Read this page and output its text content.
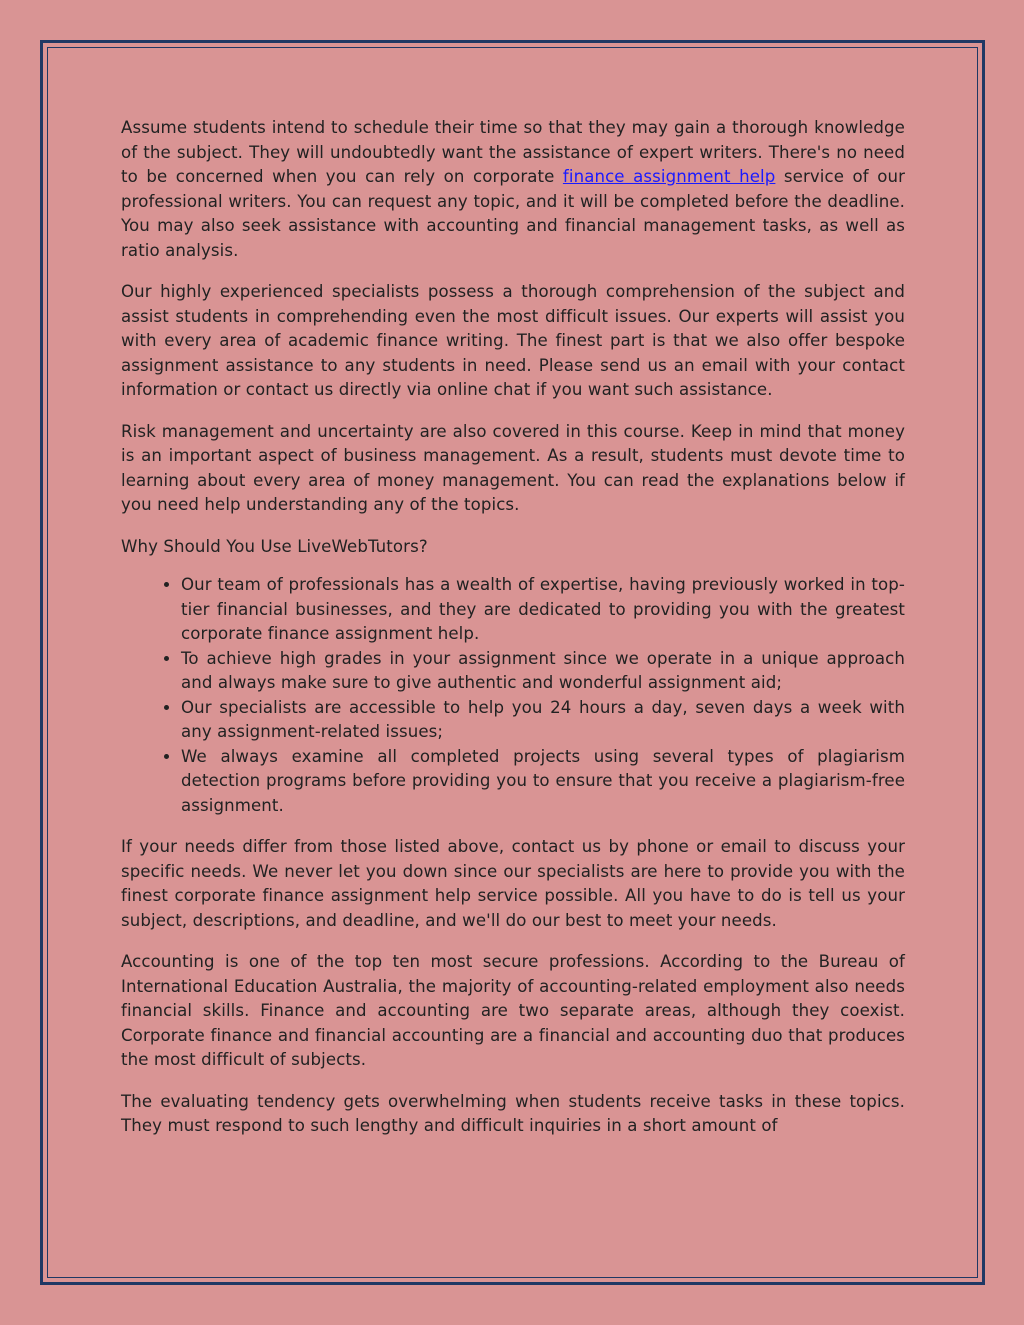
Assume students intend to schedule their time so that they may gain a thorough knowledge of the subject. They will undoubtedly want the assistance of expert writers. There's no need to be concerned when you can rely on corporate finance assignment help service of our professional writers. You can request any topic, and it will be completed before the deadline. You may also seek assistance with accounting and financial management tasks, as well as ratio analysis.

Our highly experienced specialists possess a thorough comprehension of the subject and assist students in comprehending even the most difficult issues. Our experts will assist you with every area of academic finance writing. The finest part is that we also offer bespoke assignment assistance to any students in need. Please send us an email with your contact information or contact us directly via online chat if you want such assistance.

Risk management and uncertainty are also covered in this course. Keep in mind that money is an important aspect of business management. As a result, students must devote time to learning about every area of money management. You can read the explanations below if you need help understanding any of the topics.

Why Should You Use LiveWebTutors?

• Our team of professionals has a wealth of expertise, having previously worked in top-tier financial businesses, and they are dedicated to providing you with the greatest corporate finance assignment help.
• To achieve high grades in your assignment since we operate in a unique approach and always make sure to give authentic and wonderful assignment aid;
• Our specialists are accessible to help you 24 hours a day, seven days a week with any assignment-related issues;
• We always examine all completed projects using several types of plagiarism detection programs before providing you to ensure that you receive a plagiarism-free assignment.

If your needs differ from those listed above, contact us by phone or email to discuss your specific needs. We never let you down since our specialists are here to provide you with the finest corporate finance assignment help service possible. All you have to do is tell us your subject, descriptions, and deadline, and we'll do our best to meet your needs.

Accounting is one of the top ten most secure professions. According to the Bureau of International Education Australia, the majority of accounting-related employment also needs financial skills. Finance and accounting are two separate areas, although they coexist. Corporate finance and financial accounting are a financial and accounting duo that produces the most difficult of subjects.

The evaluating tendency gets overwhelming when students receive tasks in these topics. They must respond to such lengthy and difficult inquiries in a short amount of
